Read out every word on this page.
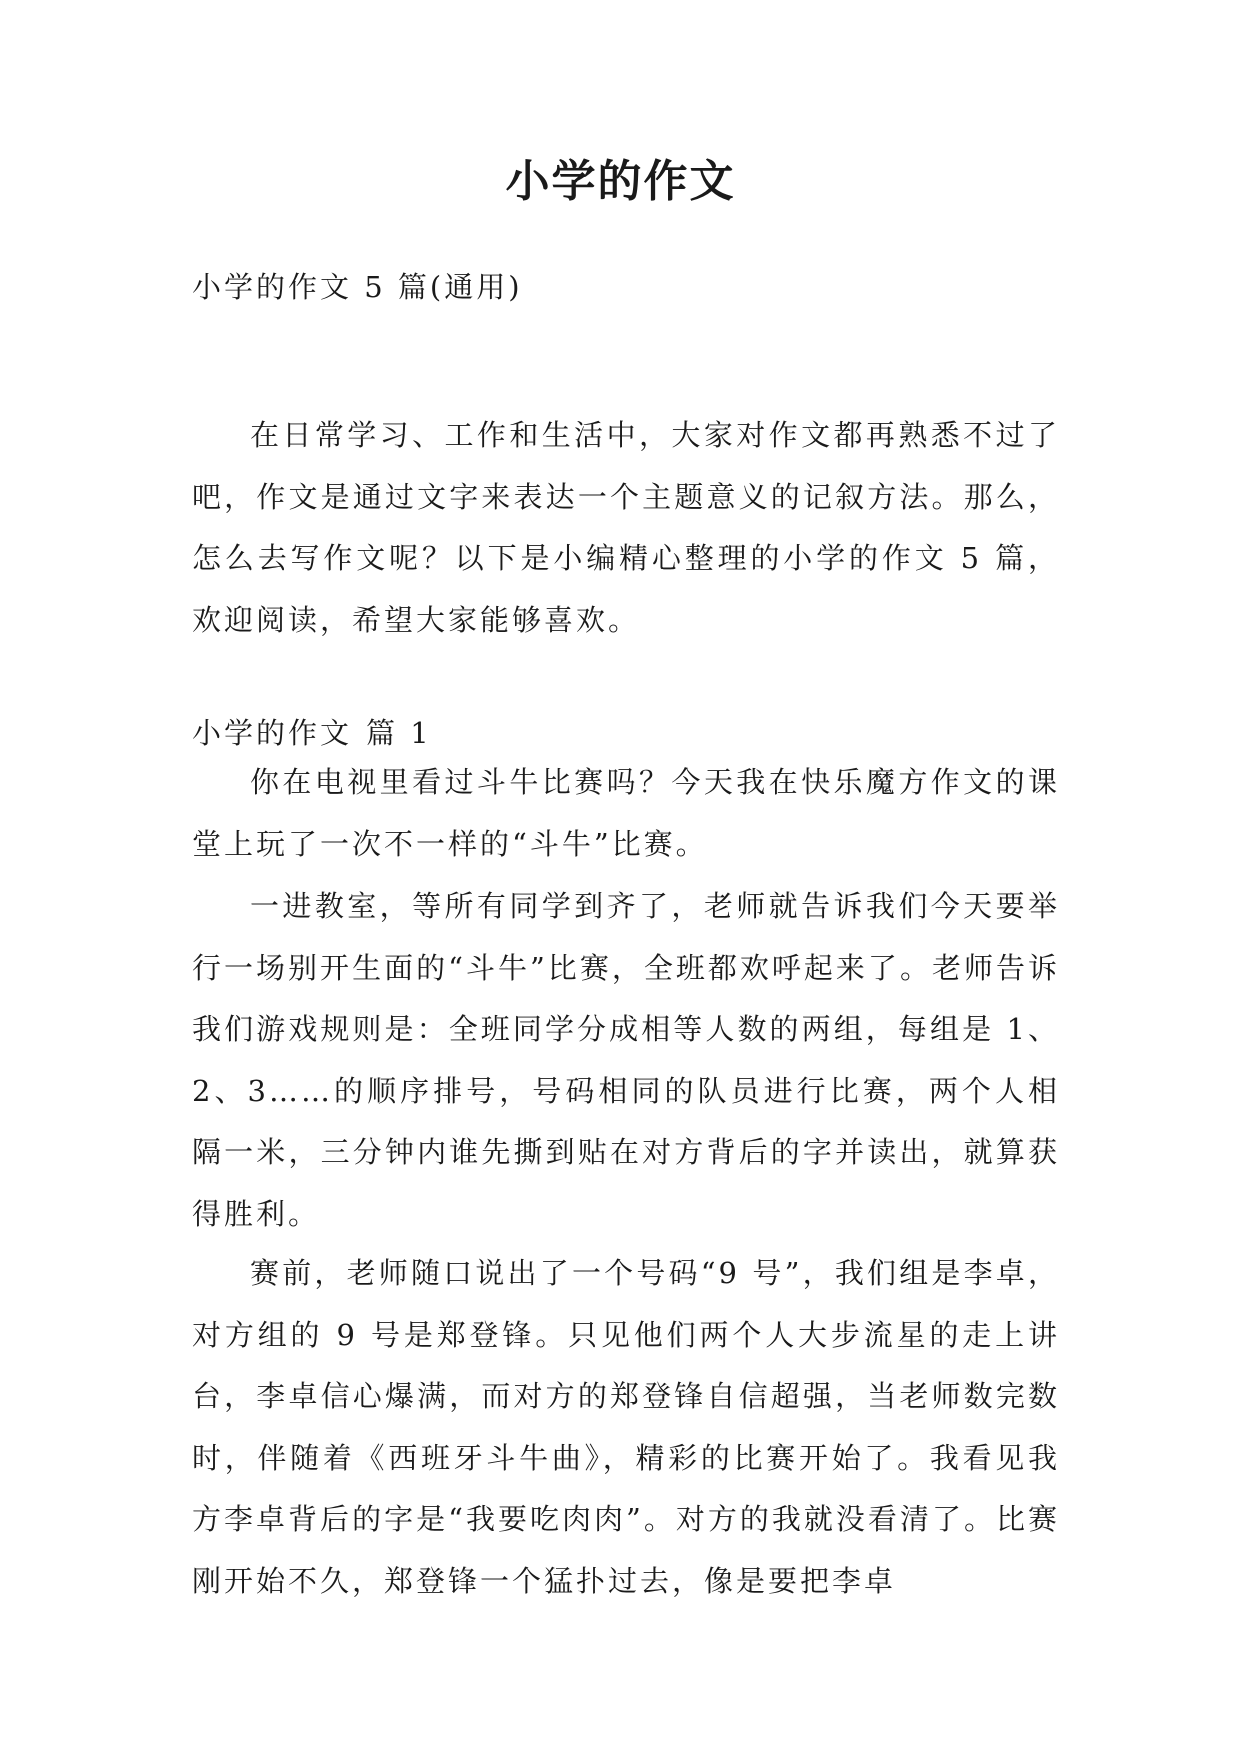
小学的作文
小学的作文 5 篇(通用)

在日常学习、工作和生活中，大家对作文都再熟悉不过了吧，作文是通过文字来表达一个主题意义的记叙方法。那么，怎么去写作文呢？以下是小编精心整理的小学的作文 5 篇，欢迎阅读，希望大家能够喜欢。

小学的作文 篇 1

你在电视里看过斗牛比赛吗？今天我在快乐魔方作文的课堂上玩了一次不一样的“斗牛”比赛。

一进教室，等所有同学到齐了，老师就告诉我们今天要举行一场别开生面的“斗牛”比赛，全班都欢呼起来了。老师告诉我们游戏规则是：全班同学分成相等人数的两组，每组是 1、2、3……的顺序排号，号码相同的队员进行比赛，两个人相隔一米，三分钟内谁先撕到贴在对方背后的字并读出，就算获得胜利。

赛前，老师随口说出了一个号码“9 号”，我们组是李卓，对方组的 9 号是郑登锋。只见他们两个人大步流星的走上讲台，李卓信心爆满，而对方的郑登锋自信超强，当老师数完数时，伴随着《西班牙斗牛曲》，精彩的比赛开始了。我看见我方李卓背后的字是“我要吃肉肉”。对方的我就没看清了。比赛刚开始不久，郑登锋一个猛扑过去，像是要把李卓
